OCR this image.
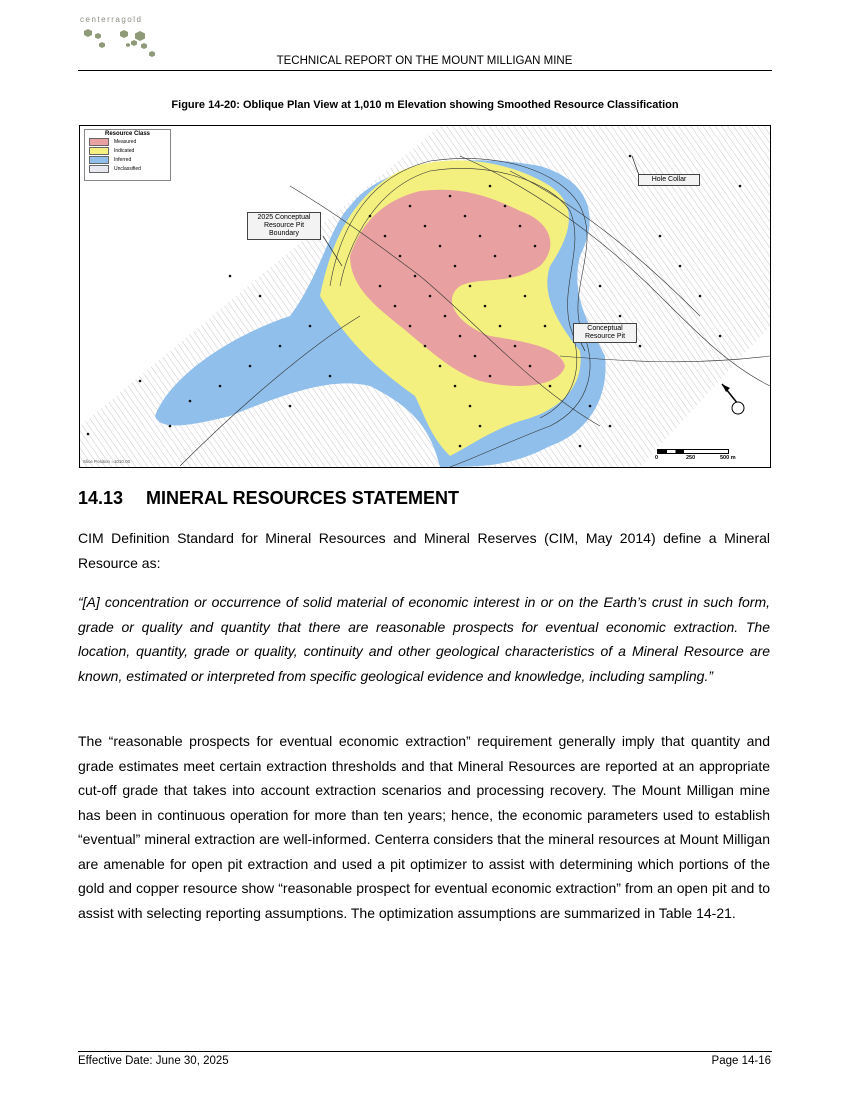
centerragold
TECHNICAL REPORT ON THE MOUNT MILLIGAN MINE
Figure 14-20: Oblique Plan View at 1,010 m Elevation showing Smoothed Resource Classification
Resource Class
Measured
Indicated
Inferred
Unclassified
2025 Conceptual Resource Pit Boundary
Conceptual Resource Pit
Hole Collar
Slice Position =1010.00
0	250	500 m
14.13 MINERAL RESOURCES STATEMENT
CIM Definition Standard for Mineral Resources and Mineral Reserves (CIM, May 2014) define a Mineral Resource as:
“[A] concentration or occurrence of solid material of economic interest in or on the Earth’s crust in such form, grade or quality and quantity that there are reasonable prospects for eventual economic extraction. The location, quantity, grade or quality, continuity and other geological characteristics of a Mineral Resource are known, estimated or interpreted from specific geological evidence and knowledge, including sampling.”
The “reasonable prospects for eventual economic extraction” requirement generally imply that quantity and grade estimates meet certain extraction thresholds and that Mineral Resources are reported at an appropriate cut-off grade that takes into account extraction scenarios and processing recovery. The Mount Milligan mine has been in continuous operation for more than ten years; hence, the economic parameters used to establish “eventual” mineral extraction are well-informed. Centerra considers that the mineral resources at Mount Milligan are amenable for open pit extraction and used a pit optimizer to assist with determining which portions of the gold and copper resource show “reasonable prospect for eventual economic extraction” from an open pit and to assist with selecting reporting assumptions. The optimization assumptions are summarized in Table 14-21.
Effective Date: June 30, 2025	Page 14-16
